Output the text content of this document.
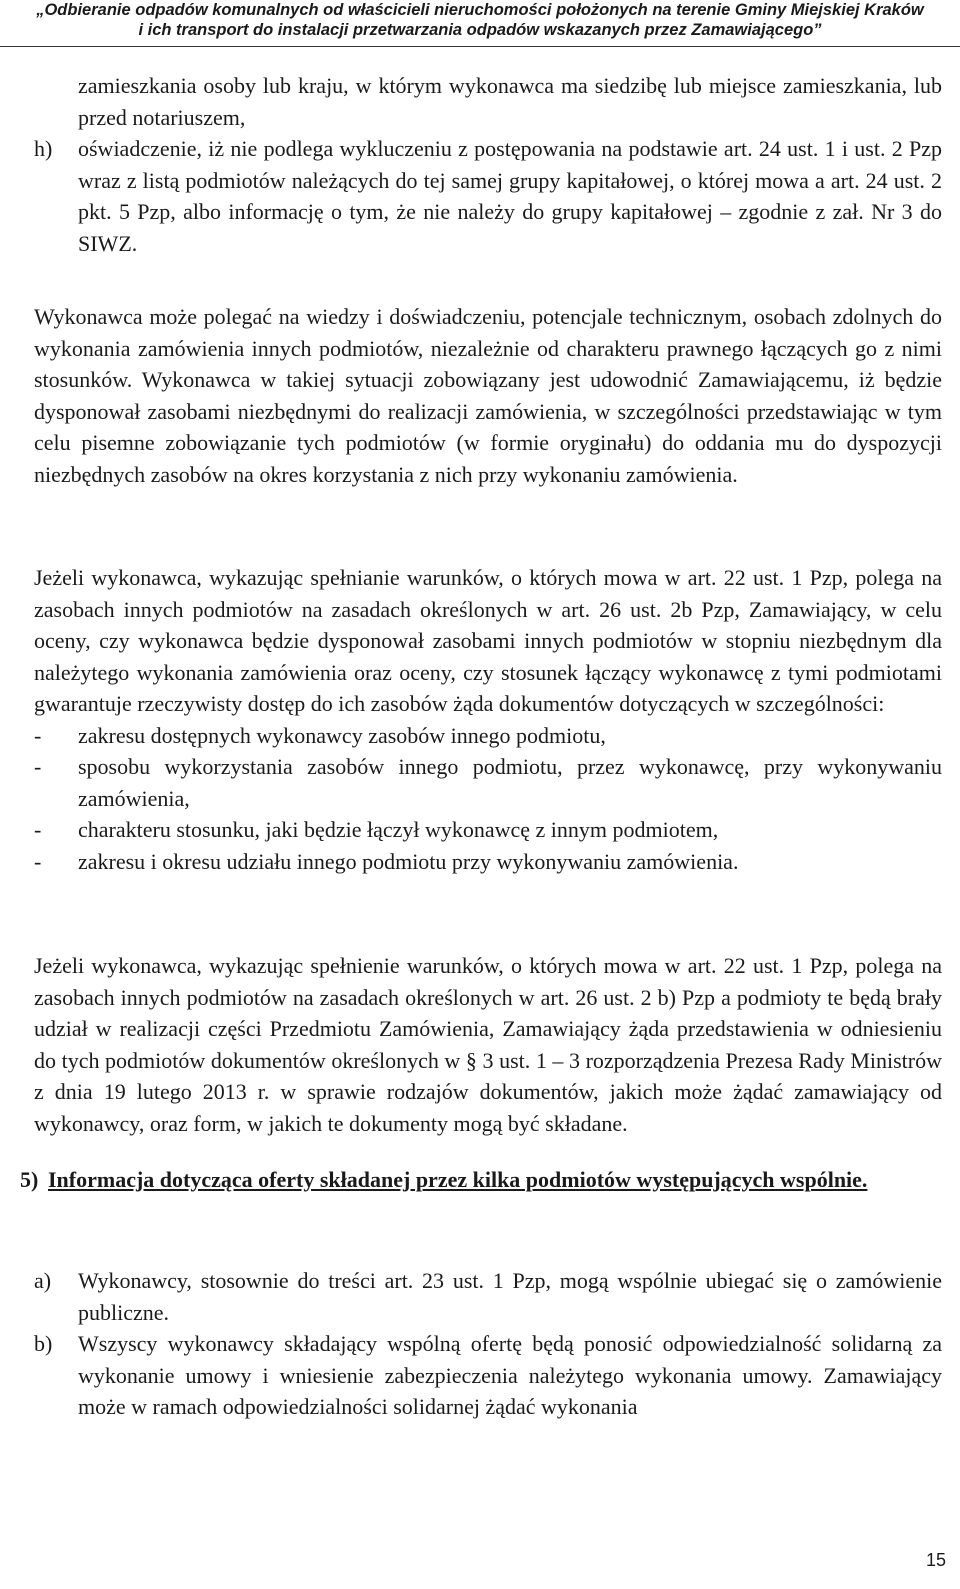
„Odbieranie odpadów komunalnych od właścicieli nieruchomości położonych na terenie Gminy Miejskiej Kraków
i ich transport do instalacji przetwarzania odpadów wskazanych przez Zamawiającego”

zamieszkania osoby lub kraju, w którym wykonawca ma siedzibę lub miejsce zamieszkania, lub przed notariuszem,

h) oświadczenie, iż nie podlega wykluczeniu z postępowania na podstawie art. 24 ust. 1 i ust. 2 Pzp wraz z listą podmiotów należących do tej samej grupy kapitałowej, o której mowa a art. 24 ust. 2 pkt. 5 Pzp, albo informację o tym, że nie należy do grupy kapitałowej – zgodnie z zał. Nr 3 do SIWZ.

Wykonawca może polegać na wiedzy i doświadczeniu, potencjale technicznym, osobach zdolnych do wykonania zamówienia innych podmiotów, niezależnie od charakteru prawnego łączących go z nimi stosunków. Wykonawca w takiej sytuacji zobowiązany jest udowodnić Zamawiającemu, iż będzie dysponował zasobami niezbędnymi do realizacji zamówienia, w szczególności przedstawiając w tym celu pisemne zobowiązanie tych podmiotów (w formie oryginału) do oddania mu do dyspozycji niezbędnych zasobów na okres korzystania z nich przy wykonaniu zamówienia.

Jeżeli wykonawca, wykazując spełnianie warunków, o których mowa w art. 22 ust. 1 Pzp, polega na zasobach innych podmiotów na zasadach określonych w art. 26 ust. 2b Pzp, Zamawiający, w celu oceny, czy wykonawca będzie dysponował zasobami innych podmiotów w stopniu niezbędnym dla należytego wykonania zamówienia oraz oceny, czy stosunek łączący wykonawcę z tymi podmiotami gwarantuje rzeczywisty dostęp do ich zasobów żąda dokumentów dotyczących w szczególności:

- zakresu dostępnych wykonawcy zasobów innego podmiotu,

- sposobu wykorzystania zasobów innego podmiotu, przez wykonawcę, przy wykonywaniu zamówienia,

- charakteru stosunku, jaki będzie łączył wykonawcę z innym podmiotem,

- zakresu i okresu udziału innego podmiotu przy wykonywaniu zamówienia.

Jeżeli wykonawca, wykazując spełnienie warunków, o których mowa w art. 22 ust. 1 Pzp, polega na zasobach innych podmiotów na zasadach określonych w art. 26 ust. 2 b) Pzp a podmioty te będą brały udział w realizacji części Przedmiotu Zamówienia, Zamawiający żąda przedstawienia w odniesieniu do tych podmiotów dokumentów określonych w § 3 ust. 1 – 3 rozporządzenia Prezesa Rady Ministrów z dnia 19 lutego 2013 r. w sprawie rodzajów dokumentów, jakich może żądać zamawiający od wykonawcy, oraz form, w jakich te dokumenty mogą być składane.

5) Informacja dotycząca oferty składanej przez kilka podmiotów występujących wspólnie.
a) Wykonawcy, stosownie do treści art. 23 ust. 1 Pzp, mogą wspólnie ubiegać się o zamówienie publiczne.

b) Wszyscy wykonawcy składający wspólną ofertę będą ponosić odpowiedzialność solidarną za wykonanie umowy i wniesienie zabezpieczenia należytego wykonania umowy. Zamawiający może w ramach odpowiedzialności solidarnej żądać wykonania

15
